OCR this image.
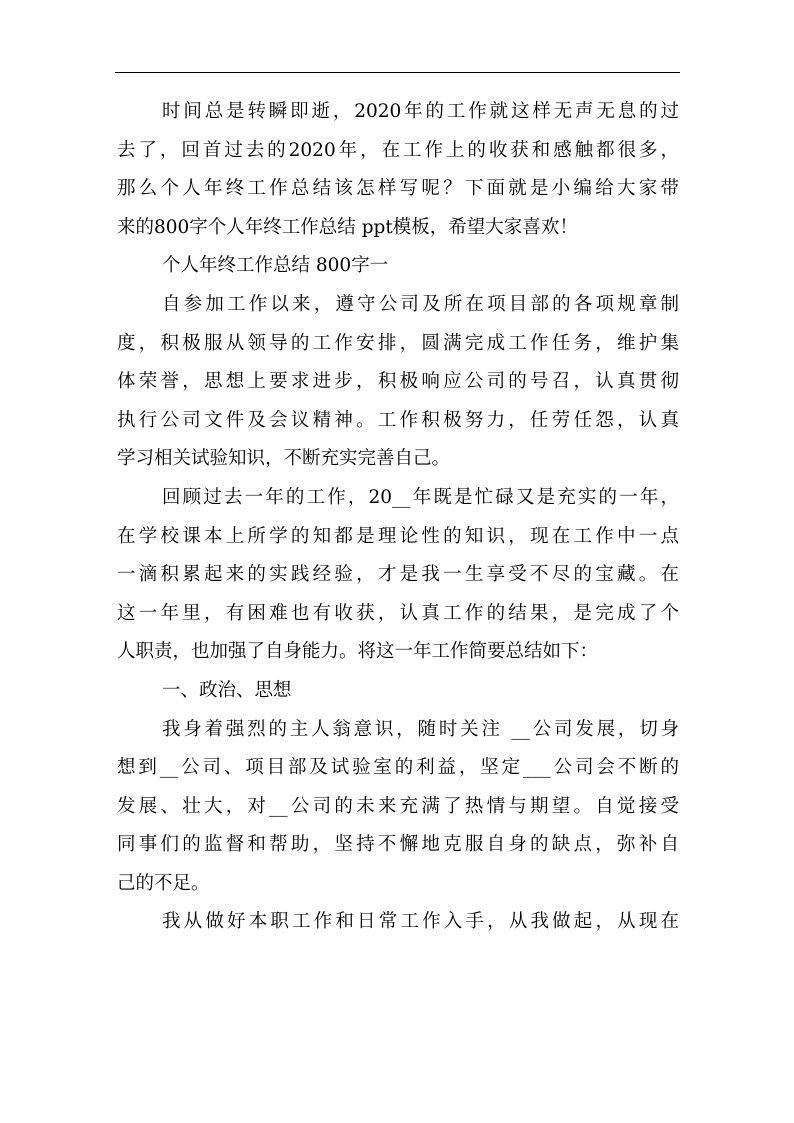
时间总是转瞬即逝，2020年的工作就这样无声无息的过
去了，回首过去的2020年，在工作上的收获和感触都很多，
那么个人年终工作总结该怎样写呢？下面就是小编给大家带
来的800字个人年终工作总结 ppt模板，希望大家喜欢！
个人年终工作总结 800字一
自参加工作以来，遵守公司及所在项目部的各项规章制
度，积极服从领导的工作安排，圆满完成工作任务，维护集
体荣誉，思想上要求进步，积极响应公司的号召，认真贯彻
执行公司文件及会议精神。工作积极努力，任劳任怨，认真
学习相关试验知识，不断充实完善自己。
回顾过去一年的工作，20__年既是忙碌又是充实的一年，
在学校课本上所学的知都是理论性的知识，现在工作中一点
一滴积累起来的实践经验，才是我一生享受不尽的宝藏。在
这一年里，有困难也有收获，认真工作的结果，是完成了个
人职责，也加强了自身能力。将这一年工作简要总结如下：
一、政治、思想
我身着强烈的主人翁意识，随时关注 __公司发展，切身
想到__公司、项目部及试验室的利益，坚定___公司会不断的
发展、壮大，对__公司的未来充满了热情与期望。自觉接受
同事们的监督和帮助，坚持不懈地克服自身的缺点，弥补自
己的不足。
我从做好本职工作和日常工作入手，从我做起，从现在
